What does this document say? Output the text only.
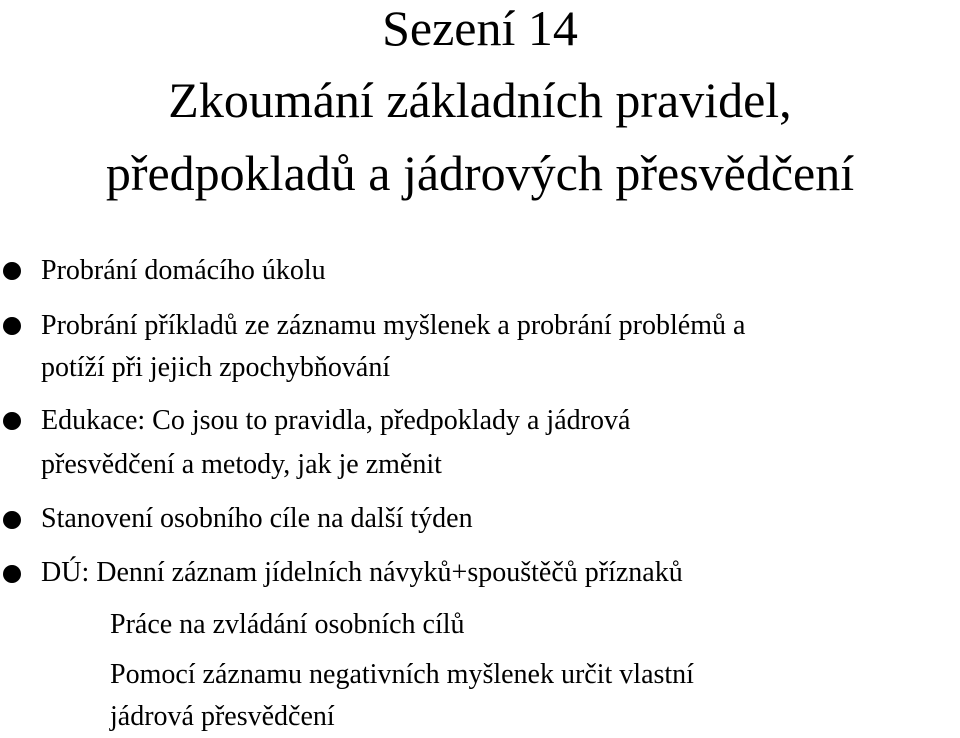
Sezení 14
Zkoumání základních pravidel,
předpokladů a jádrových přesvědčení
Probrání domácího úkolu
Probrání příkladů ze záznamu myšlenek a probrání problémů a
potíží při jejich zpochybňování
Edukace: Co jsou to pravidla, předpoklady a jádrová
přesvědčení a metody, jak je změnit
Stanovení osobního cíle na další týden
DÚ: Denní záznam jídelních návyků+spouštěčů příznaků
Práce na zvládání osobních cílů
Pomocí záznamu negativních myšlenek určit vlastní
jádrová přesvědčení
